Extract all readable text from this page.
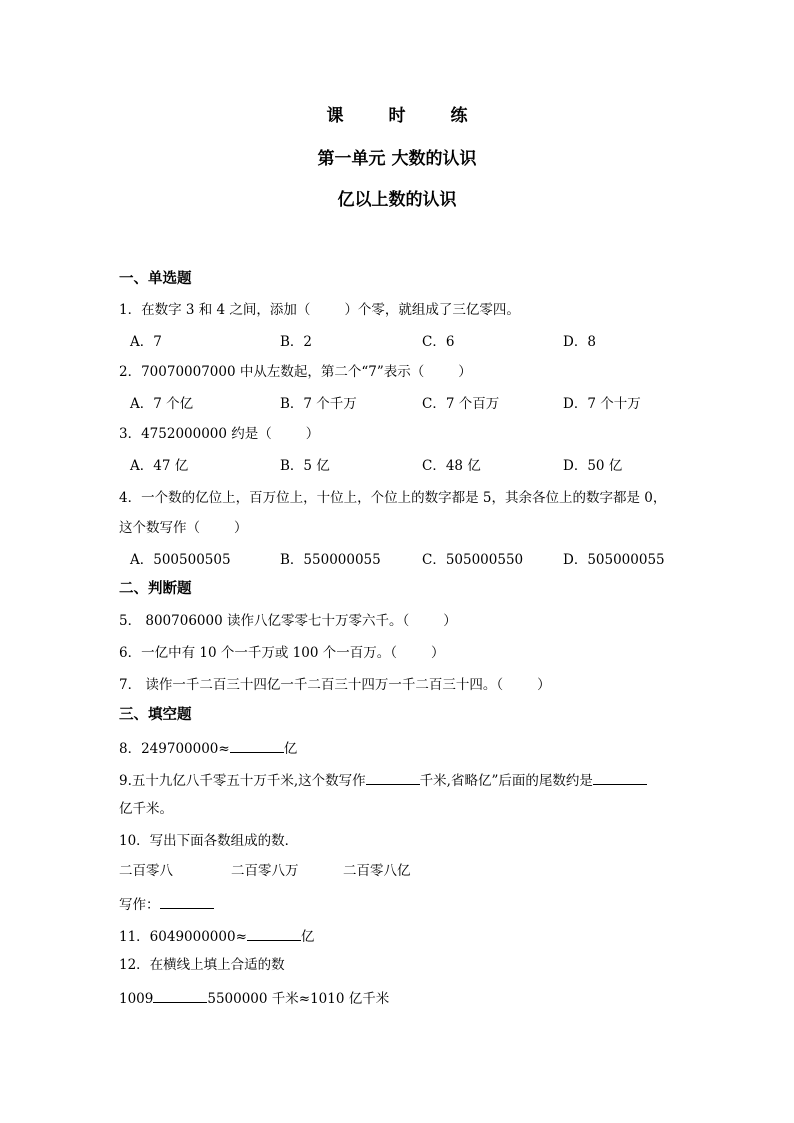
课　时　练
第一单元 大数的认识
亿以上数的认识
一、单选题
1．在数字 3 和 4 之间，添加（	）个零，就组成了三亿零四。
A．7	B．2	C．6	D．8
2．70070007000 中从左数起，第二个“7”表示（	）
A．7 个亿	B．7 个千万	C．7 个百万	D．7 个十万
3．4752000000 约是（	）
A．47 亿	B．5 亿	C．48 亿	D．50 亿
4．一个数的亿位上，百万位上，十位上，个位上的数字都是 5，其余各位上的数字都是 0，
这个数写作（	）
A．500500505	B．550000055	C．505000550	D．505000055
二、判断题
5． 800706000 读作八亿零零七十万零六千。（	）
6．一亿中有 10 个一千万或 100 个一百万。（	）
7． 读作一千二百三十四亿一千二百三十四万一千二百三十四。（	）
三、填空题
8．249700000≈	亿
9.五十九亿八千零五十万千米,这个数写作	千米,省略亿”后面的尾数约是
亿千米。
10．写出下面各数组成的数．
二百零八	二百零八万	二百零八亿
写作：
11．6049000000≈	亿
12．在横线上填上合适的数
1009	5500000 千米≈1010 亿千米
